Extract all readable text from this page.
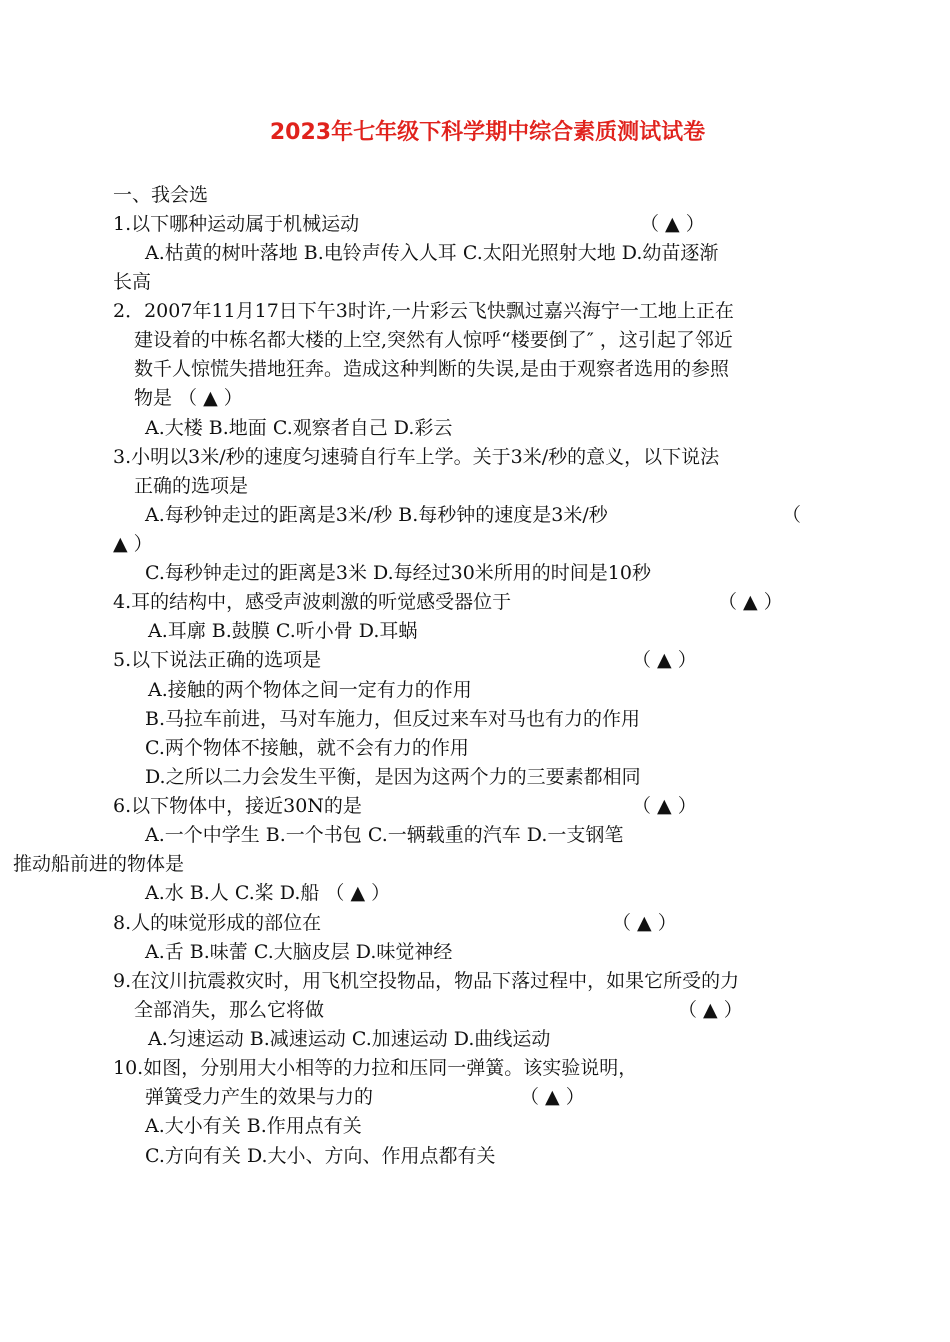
2023年七年级下科学期中综合素质测试试卷
一、我会选
1.以下哪种运动属于机械运动	（ ▲ ）
A.枯黄的树叶落地 B.电铃声传入人耳 C.太阳光照射大地 D.幼苗逐渐
长高
2．2007年11月17日下午3时许,一片彩云飞快飘过嘉兴海宁一工地上正在
建设着的中栋名都大楼的上空,突然有人惊呼“楼要倒了″ ，这引起了邻近
数千人惊慌失措地狂奔。造成这种判断的失误,是由于观察者选用的参照
物是 （ ▲ ）
A.大楼 B.地面 C.观察者自己 D.彩云
3.小明以3米/秒的速度匀速骑自行车上学。关于3米/秒的意义，以下说法
正确的选项是
A.每秒钟走过的距离是3米/秒 B.每秒钟的速度是3米/秒	（
▲ ）
C.每秒钟走过的距离是3米 D.每经过30米所用的时间是10秒
4.耳的结构中，感受声波刺激的听觉感受器位于	（ ▲ ）
A.耳廓 B.鼓膜 C.听小骨 D.耳蜗
5.以下说法正确的选项是	（ ▲ ）
A.接触的两个物体之间一定有力的作用
B.马拉车前进，马对车施力，但反过来车对马也有力的作用
C.两个物体不接触，就不会有力的作用
D.之所以二力会发生平衡，是因为这两个力的三要素都相同
6.以下物体中，接近30N的是	（ ▲ ）
A.一个中学生 B.一个书包 C.一辆载重的汽车 D.一支钢笔
推动船前进的物体是
A.水 B.人 C.桨 D.船 （ ▲ ）
8.人的味觉形成的部位在	（ ▲ ）
A.舌 B.味蕾 C.大脑皮层 D.味觉神经
9.在汶川抗震救灾时，用飞机空投物品，物品下落过程中，如果它所受的力
全部消失，那么它将做	（ ▲ ）
A.匀速运动 B.减速运动 C.加速运动 D.曲线运动
10.如图，分别用大小相等的力拉和压同一弹簧。该实验说明，
弹簧受力产生的效果与力的	（ ▲ ）
A.大小有关 B.作用点有关
C.方向有关 D.大小、方向、作用点都有关
